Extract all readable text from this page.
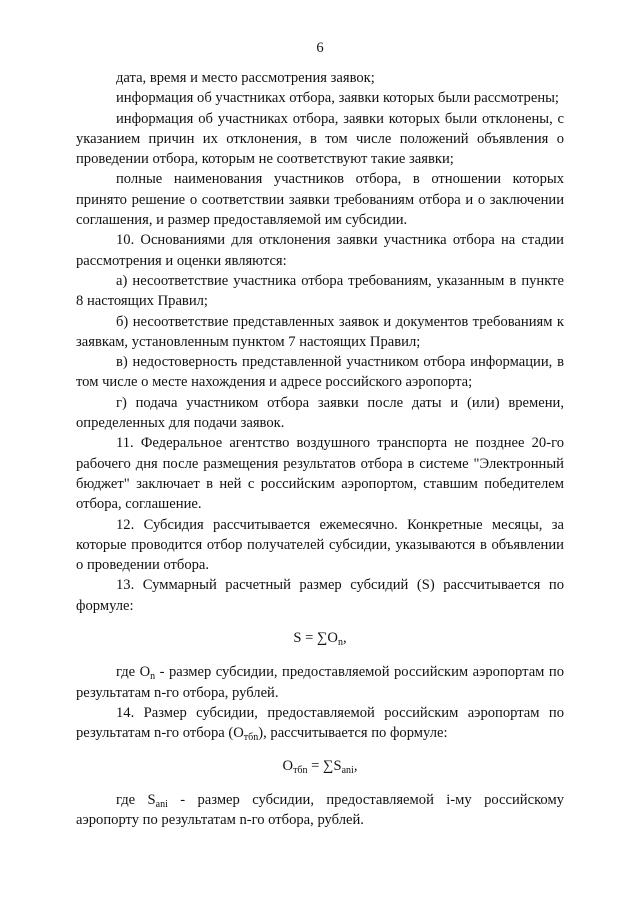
6

дата, время и место рассмотрения заявок;

информация об участниках отбора, заявки которых были рассмотрены;

информация об участниках отбора, заявки которых были отклонены, с указанием причин их отклонения, в том числе положений объявления о проведении отбора, которым не соответствуют такие заявки;

полные наименования участников отбора, в отношении которых принято решение о соответствии заявки требованиям отбора и о заключении соглашения, и размер предоставляемой им субсидии.

10. Основаниями для отклонения заявки участника отбора на стадии рассмотрения и оценки являются:

а) несоответствие участника отбора требованиям, указанным в пункте 8 настоящих Правил;

б) несоответствие представленных заявок и документов требованиям к заявкам, установленным пунктом 7 настоящих Правил;

в) недостоверность представленной участником отбора информации, в том числе о месте нахождения и адресе российского аэропорта;

г) подача участником отбора заявки после даты и (или) времени, определенных для подачи заявок.

11. Федеральное агентство воздушного транспорта не позднее 20-го рабочего дня после размещения результатов отбора в системе "Электронный бюджет" заключает в ней с российским аэропортом, ставшим победителем отбора, соглашение.

12. Субсидия рассчитывается ежемесячно. Конкретные месяцы, за которые проводится отбор получателей субсидии, указываются в объявлении о проведении отбора.

13. Суммарный расчетный размер субсидий (S) рассчитывается по формуле:

$S = \sum O_n$,

где $O_n$ - размер субсидии, предоставляемой российским аэропортам по результатам n-го отбора, рублей.

14. Размер субсидии, предоставляемой российским аэропортам по результатам n-го отбора $(O_{тбn})$, рассчитывается по формуле:

$O_{тбn} = \sum S_{ani}$,

где $S_{ani}$ - размер субсидии, предоставляемой i-му российскому аэропорту по результатам n-го отбора, рублей.
